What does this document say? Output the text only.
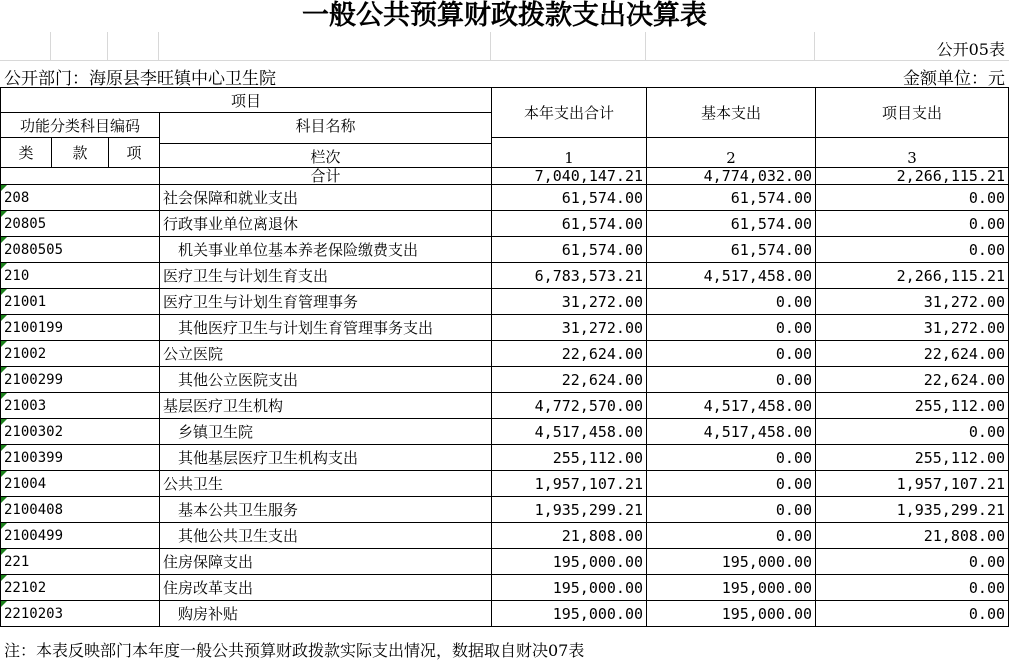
一般公共预算财政拨款支出决算表
公开05表
公开部门：海原县李旺镇中心卫生院	金额单位：元
项目				本年支出合计	基本支出	项目支出
功能分类科目编码			科目名称			
类	款	项		1	2	3
			栏次			
			合计	7,040,147.21	4,774,032.00	2,266,115.21
208			社会保障和就业支出	61,574.00	61,574.00	0.00
20805			行政事业单位离退休	61,574.00	61,574.00	0.00
2080505			机关事业单位基本养老保险缴费支出	61,574.00	61,574.00	0.00
210			医疗卫生与计划生育支出	6,783,573.21	4,517,458.00	2,266,115.21
21001			医疗卫生与计划生育管理事务	31,272.00	0.00	31,272.00
2100199			其他医疗卫生与计划生育管理事务支出	31,272.00	0.00	31,272.00
21002			公立医院	22,624.00	0.00	22,624.00
2100299			其他公立医院支出	22,624.00	0.00	22,624.00
21003			基层医疗卫生机构	4,772,570.00	4,517,458.00	255,112.00
2100302			乡镇卫生院	4,517,458.00	4,517,458.00	0.00
2100399			其他基层医疗卫生机构支出	255,112.00	0.00	255,112.00
21004			公共卫生	1,957,107.21	0.00	1,957,107.21
2100408			基本公共卫生服务	1,935,299.21	0.00	1,935,299.21
2100499			其他公共卫生支出	21,808.00	0.00	21,808.00
221			住房保障支出	195,000.00	195,000.00	0.00
22102			住房改革支出	195,000.00	195,000.00	0.00
2210203			购房补贴	195,000.00	195,000.00	0.00
注：本表反映部门本年度一般公共预算财政拨款实际支出情况，数据取自财决07表
